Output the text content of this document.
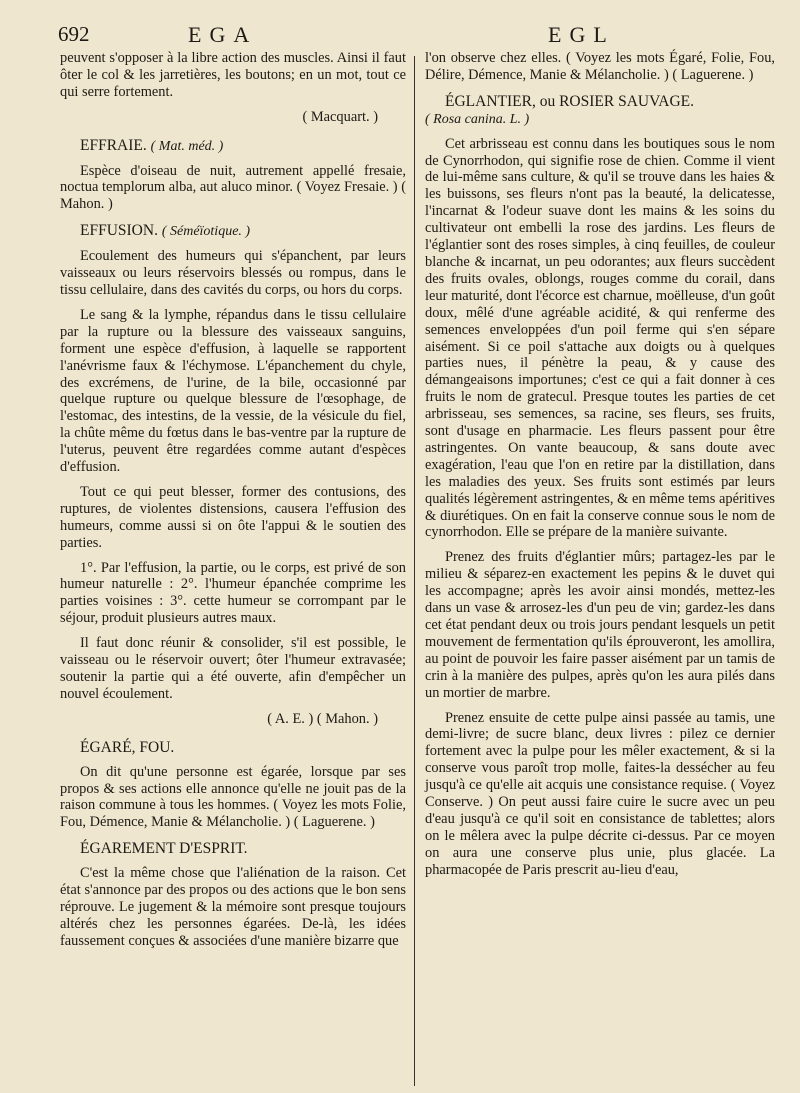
692	EGA	EGL

peuvent s'opposer à la libre action des muscles. Ainsi il faut ôter le col & les jarretières, les boutons; en un mot, tout ce qui serre fortement.

( Macquart. )

EFFRAIE. ( Mat. méd. )

Espèce d'oiseau de nuit, autrement appellé fresaie, noctua templorum alba, aut aluco minor. ( Voyez Fresaie. ) ( Mahon. )

EFFUSION. ( Séméïotique. )

Ecoulement des humeurs qui s'épanchent, par leurs vaisseaux ou leurs réservoirs blessés ou rompus, dans le tissu cellulaire, dans des cavités du corps, ou hors du corps.

Le sang & la lymphe, répandus dans le tissu cellulaire par la rupture ou la blessure des vaisseaux sanguins, forment une espèce d'effusion, à laquelle se rapportent l'anévrisme faux & l'échymose. L'épanchement du chyle, des excrémens, de l'urine, de la bile, occasionné par quelque rupture ou quelque blessure de l'œsophage, de l'estomac, des intestins, de la vessie, de la vésicule du fiel, la chûte même du fœtus dans le bas-ventre par la rupture de l'uterus, peuvent être regardées comme autant d'espèces d'effusion.

Tout ce qui peut blesser, former des contusions, des ruptures, de violentes distensions, causera l'effusion des humeurs, comme aussi si on ôte l'appui & le soutien des parties.

1°. Par l'effusion, la partie, ou le corps, est privé de son humeur naturelle : 2°. l'humeur épanchée comprime les parties voisines : 3°. cette humeur se corrompant par le séjour, produit plusieurs autres maux.

Il faut donc réunir & consolider, s'il est possible, le vaisseau ou le réservoir ouvert; ôter l'humeur extravasée; soutenir la partie qui a été ouverte, afin d'empêcher un nouvel écoulement.

( A. E. ) ( Mahon. )

ÉGARÉ, FOU.

On dit qu'une personne est égarée, lorsque par ses propos & ses actions elle annonce qu'elle ne jouit pas de la raison commune à tous les hommes. ( Voyez les mots Folie, Fou, Démence, Manie & Mélancholie. ) ( Laguerene. )

ÉGAREMENT D'ESPRIT.

C'est la même chose que l'aliénation de la raison. Cet état s'annonce par des propos ou des actions que le bon sens réprouve. Le jugement & la mémoire sont presque toujours altérés chez les personnes égarées. De-là, les idées faussement conçues & associées d'une manière bizarre que

l'on observe chez elles. ( Voyez les mots Égaré, Folie, Fou, Délire, Démence, Manie & Mélancholie. ) ( Laguerene. )

ÉGLANTIER, ou ROSIER SAUVAGE.
( Rosa canina. L. )

Cet arbrisseau est connu dans les boutiques sous le nom de Cynorrhodon, qui signifie rose de chien. Comme il vient de lui-même sans culture, & qu'il se trouve dans les haies & les buissons, ses fleurs n'ont pas la beauté, la delicatesse, l'incarnat & l'odeur suave dont les mains & les soins du cultivateur ont embelli la rose des jardins. Les fleurs de l'églantier sont des roses simples, à cinq feuilles, de couleur blanche & incarnat, un peu odorantes; aux fleurs succèdent des fruits ovales, oblongs, rouges comme du corail, dans leur maturité, dont l'écorce est charnue, moëlleuse, d'un goût doux, mêlé d'une agréable acidité, & qui renferme des semences enveloppées d'un poil ferme qui s'en sépare aisément. Si ce poil s'attache aux doigts ou à quelques parties nues, il pénètre la peau, & y cause des démangeaisons importunes; c'est ce qui a fait donner à ces fruits le nom de gratecul. Presque toutes les parties de cet arbrisseau, ses semences, sa racine, ses fleurs, ses fruits, sont d'usage en pharmacie. Les fleurs passent pour être astringentes. On vante beaucoup, & sans doute avec exagération, l'eau que l'on en retire par la distillation, dans les maladies des yeux. Ses fruits sont estimés par leurs qualités légèrement astringentes, & en même tems apéritives & diurétiques. On en fait la conserve connue sous le nom de cynorrhodon. Elle se prépare de la manière suivante.

Prenez des fruits d'églantier mûrs; partagez-les par le milieu & séparez-en exactement les pepins & le duvet qui les accompagne; après les avoir ainsi mondés, mettez-les dans un vase & arrosez-les d'un peu de vin; gardez-les dans cet état pendant deux ou trois jours pendant lesquels un petit mouvement de fermentation qu'ils éprouveront, les amollira, au point de pouvoir les faire passer aisément par un tamis de crin à la manière des pulpes, après qu'on les aura pilés dans un mortier de marbre.

Prenez ensuite de cette pulpe ainsi passée au tamis, une demi-livre; de sucre blanc, deux livres : pilez ce dernier fortement avec la pulpe pour les mêler exactement, & si la conserve vous paroît trop molle, faites-la dessécher au feu jusqu'à ce qu'elle ait acquis une consistance requise. ( Voyez Conserve. ) On peut aussi faire cuire le sucre avec un peu d'eau jusqu'à ce qu'il soit en consistance de tablettes; alors on le mêlera avec la pulpe décrite ci-dessus. Par ce moyen on aura une conserve plus unie, plus glacée. La pharmacopée de Paris prescrit au-lieu d'eau,
